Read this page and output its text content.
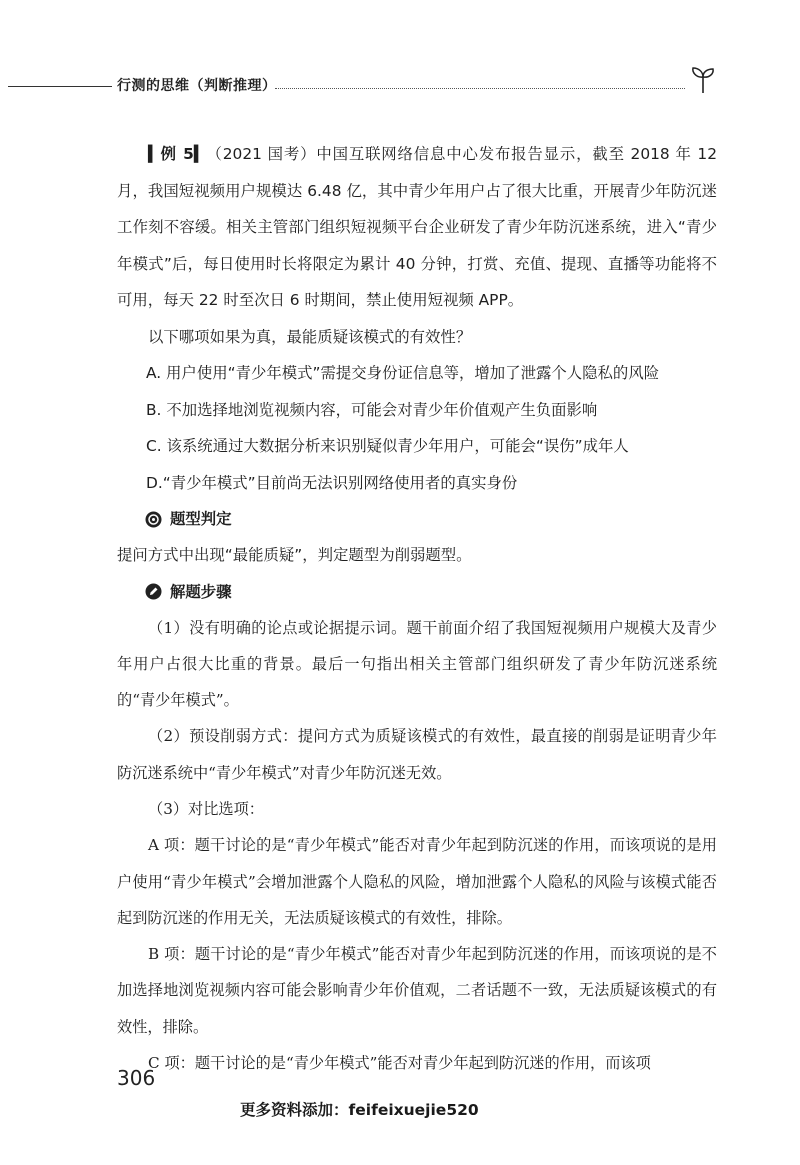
行测的思维（判断推理）

▍例 5▍（2021 国考）中国互联网络信息中心发布报告显示，截至 2018 年 12 月，我国短视频用户规模达 6.48 亿，其中青少年用户占了很大比重，开展青少年防沉迷工作刻不容缓。相关主管部门组织短视频平台企业研发了青少年防沉迷系统，进入“青少年模式”后，每日使用时长将限定为累计 40 分钟，打赏、充值、提现、直播等功能将不可用，每天 22 时至次日 6 时期间，禁止使用短视频 APP。

以下哪项如果为真，最能质疑该模式的有效性？

A. 用户使用“青少年模式”需提交身份证信息等，增加了泄露个人隐私的风险

B. 不加选择地浏览视频内容，可能会对青少年价值观产生负面影响

C. 该系统通过大数据分析来识别疑似青少年用户，可能会“误伤”成年人

D.“青少年模式”目前尚无法识别网络使用者的真实身份

题型判定

提问方式中出现“最能质疑”，判定题型为削弱题型。

解题步骤

（1）没有明确的论点或论据提示词。题干前面介绍了我国短视频用户规模大及青少年用户占很大比重的背景。最后一句指出相关主管部门组织研发了青少年防沉迷系统的“青少年模式”。

（2）预设削弱方式：提问方式为质疑该模式的有效性，最直接的削弱是证明青少年防沉迷系统中“青少年模式”对青少年防沉迷无效。

（3）对比选项：

A 项：题干讨论的是“青少年模式”能否对青少年起到防沉迷的作用，而该项说的是用户使用“青少年模式”会增加泄露个人隐私的风险，增加泄露个人隐私的风险与该模式能否起到防沉迷的作用无关，无法质疑该模式的有效性，排除。

B 项：题干讨论的是“青少年模式”能否对青少年起到防沉迷的作用，而该项说的是不加选择地浏览视频内容可能会影响青少年价值观，二者话题不一致，无法质疑该模式的有效性，排除。

C 项：题干讨论的是“青少年模式”能否对青少年起到防沉迷的作用，而该项

306
更多资料添加：feifeixuejie520
